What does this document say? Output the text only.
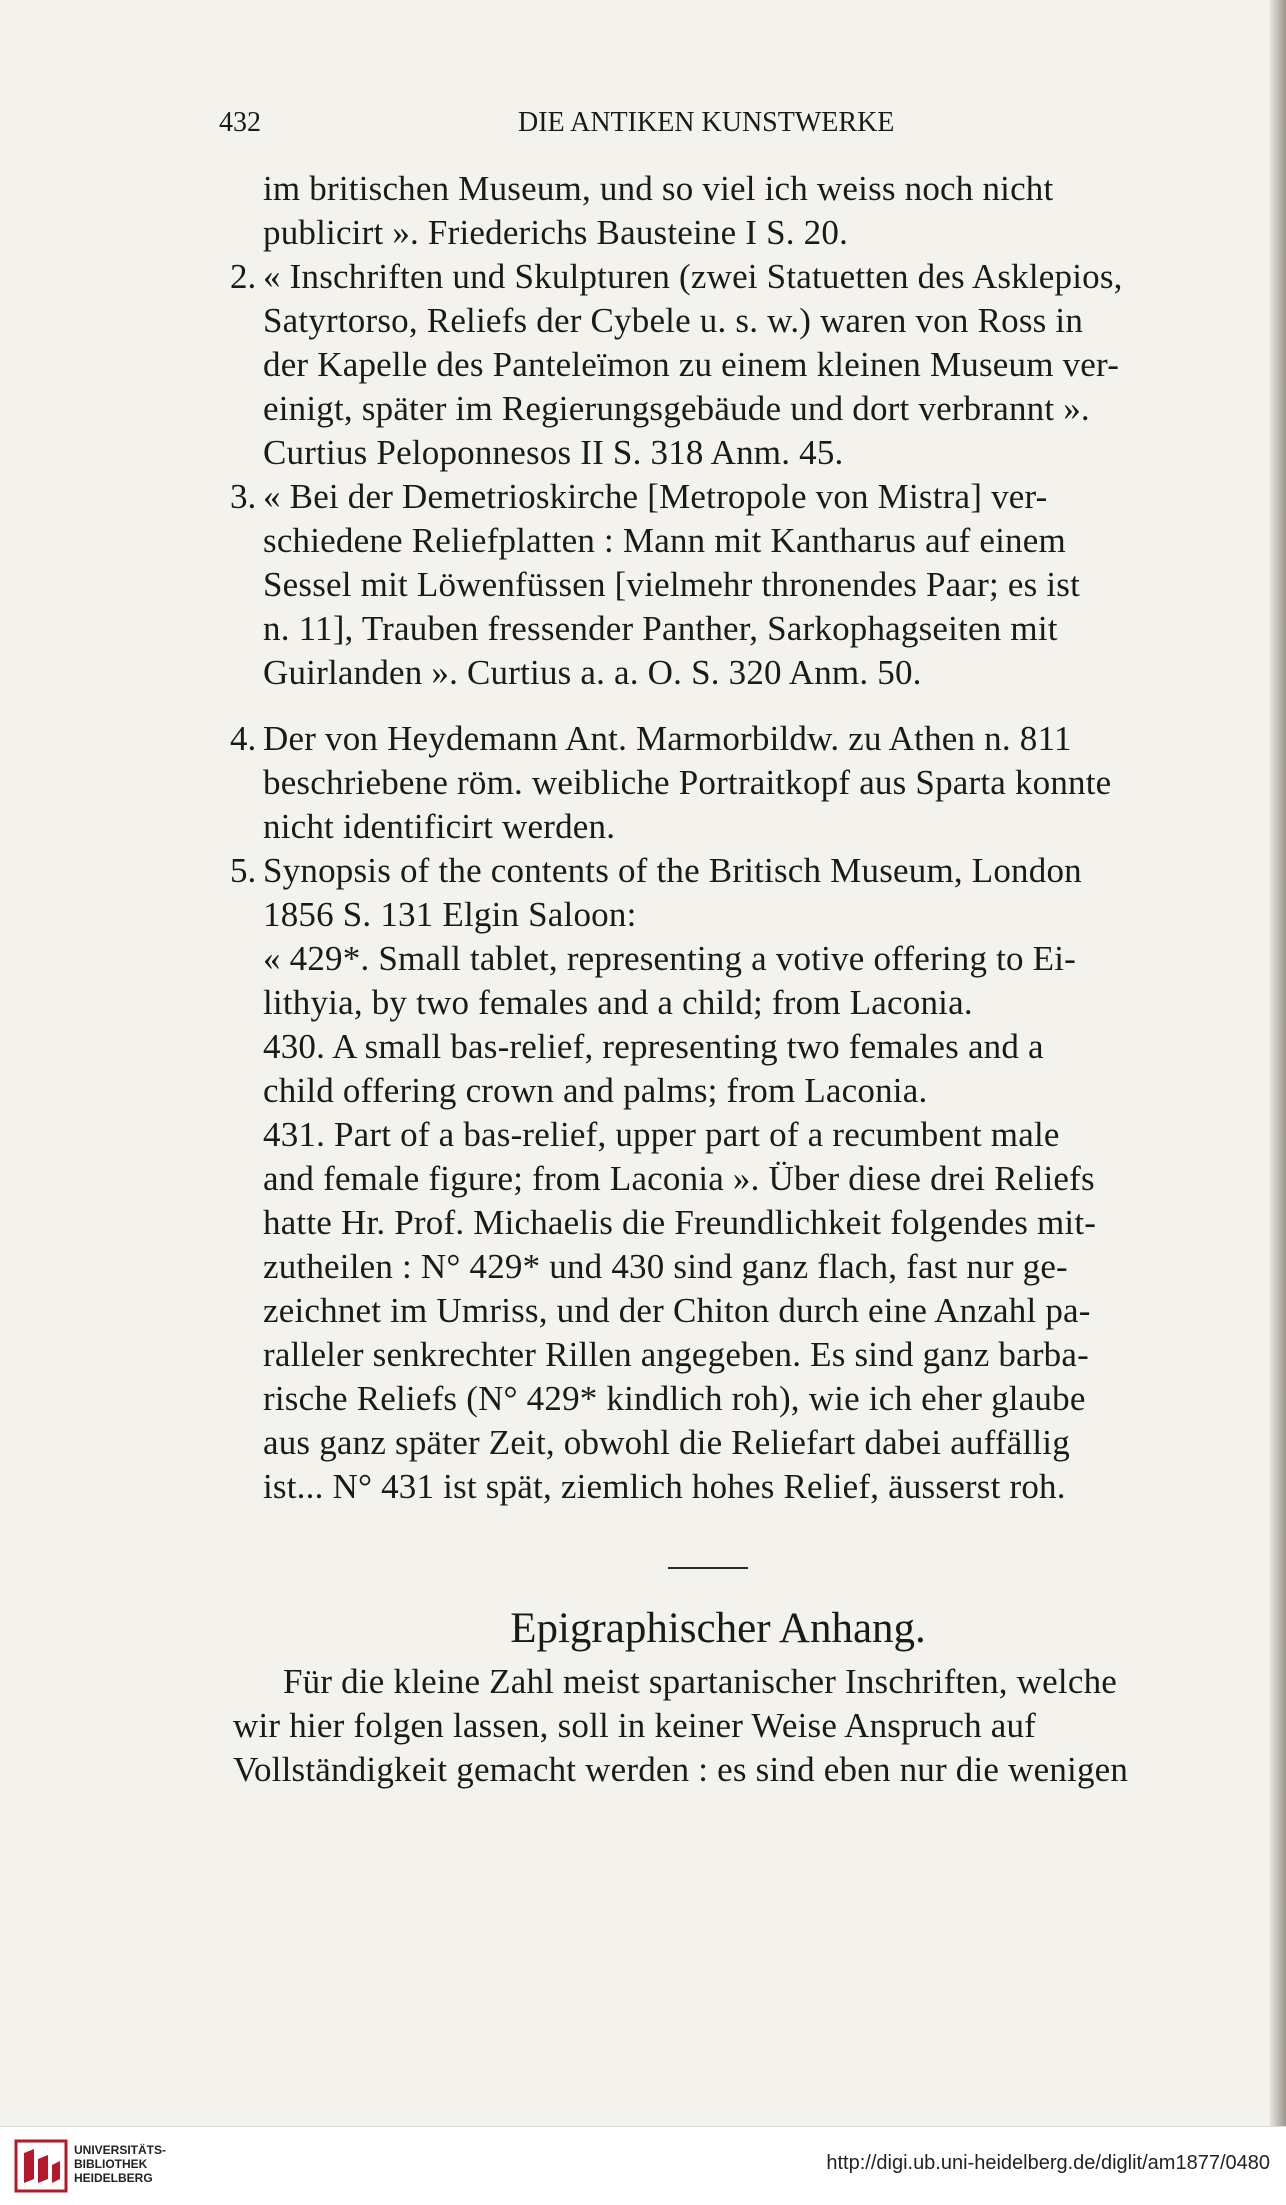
432	DIE ANTIKEN KUNSTWERKE

2.

3.

4.

5.

im britischen Museum, und so viel ich weiss noch nicht

publicirt ». Friederichs Bausteine I S. 20.

« Inschriften und Skulpturen (zwei Statuetten des Asklepios,

Satyrtorso, Reliefs der Cybele u. s. w.) waren von Ross in

der Kapelle des Panteleïmon zu einem kleinen Museum ver-

einigt, später im Regierungsgebäude und dort verbrannt ».

Curtius Peloponnesos II S. 318 Anm. 45.

« Bei der Demetrioskirche [Metropole von Mistra] ver-

schiedene Reliefplatten : Mann mit Kantharus auf einem

Sessel mit Löwenfüssen [vielmehr thronendes Paar; es ist

n. 11], Trauben fressender Panther, Sarkophagseiten mit

Guirlanden ». Curtius a. a. O. S. 320 Anm. 50.

Der von Heydemann Ant. Marmorbildw. zu Athen n. 811

beschriebene röm. weibliche Portraitkopf aus Sparta konnte

nicht identificirt werden.

Synopsis of the contents of the Britisch Museum, London

1856 S. 131 Elgin Saloon:

« 429*. Small tablet, representing a votive offering to Ei-

lithyia, by two females and a child; from Laconia.

430. A small bas-relief, representing two females and a

child offering crown and palms; from Laconia.

431. Part of a bas-relief, upper part of a recumbent male

and female figure; from Laconia ». Über diese drei Reliefs

hatte Hr. Prof. Michaelis die Freundlichkeit folgendes mit-

zutheilen : N° 429* und 430 sind ganz flach, fast nur ge-

zeichnet im Umriss, und der Chiton durch eine Anzahl pa-

ralleler senkrechter Rillen angegeben. Es sind ganz barba-

rische Reliefs (N° 429* kindlich roh), wie ich eher glaube

aus ganz später Zeit, obwohl die Reliefart dabei auffällig

ist... N° 431 ist spät, ziemlich hohes Relief, äusserst roh.

Epigraphischer Anhang.

Für die kleine Zahl meist spartanischer Inschriften, welche

wir hier folgen lassen, soll in keiner Weise Anspruch auf

Vollständigkeit gemacht werden : es sind eben nur die wenigen

UNIVERSITÄTS-
BIBLIOTHEK
HEIDELBERG

http://digi.ub.uni-heidelberg.de/diglit/am1877/0480
